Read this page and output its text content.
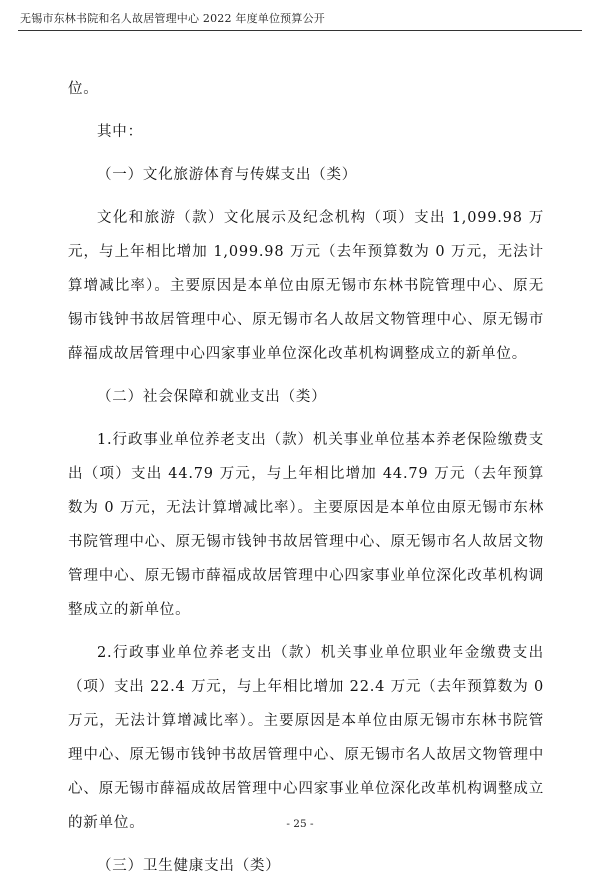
无锡市东林书院和名人故居管理中心 2022 年度单位预算公开

位。

其中：

（一）文化旅游体育与传媒支出（类）

文化和旅游（款）文化展示及纪念机构（项）支出 1,099.98 万元，与上年相比增加 1,099.98 万元（去年预算数为 0 万元，无法计算增减比率）。主要原因是本单位由原无锡市东林书院管理中心、原无锡市钱钟书故居管理中心、原无锡市名人故居文物管理中心、原无锡市薛福成故居管理中心四家事业单位深化改革机构调整成立的新单位。

（二）社会保障和就业支出（类）

1.行政事业单位养老支出（款）机关事业单位基本养老保险缴费支出（项）支出 44.79 万元，与上年相比增加 44.79 万元（去年预算数为 0 万元，无法计算增减比率）。主要原因是本单位由原无锡市东林书院管理中心、原无锡市钱钟书故居管理中心、原无锡市名人故居文物管理中心、原无锡市薛福成故居管理中心四家事业单位深化改革机构调整成立的新单位。

2.行政事业单位养老支出（款）机关事业单位职业年金缴费支出（项）支出 22.4 万元，与上年相比增加 22.4 万元（去年预算数为 0 万元，无法计算增减比率）。主要原因是本单位由原无锡市东林书院管理中心、原无锡市钱钟书故居管理中心、原无锡市名人故居文物管理中心、原无锡市薛福成故居管理中心四家事业单位深化改革机构调整成立的新单位。

（三）卫生健康支出（类）

- 25 -
